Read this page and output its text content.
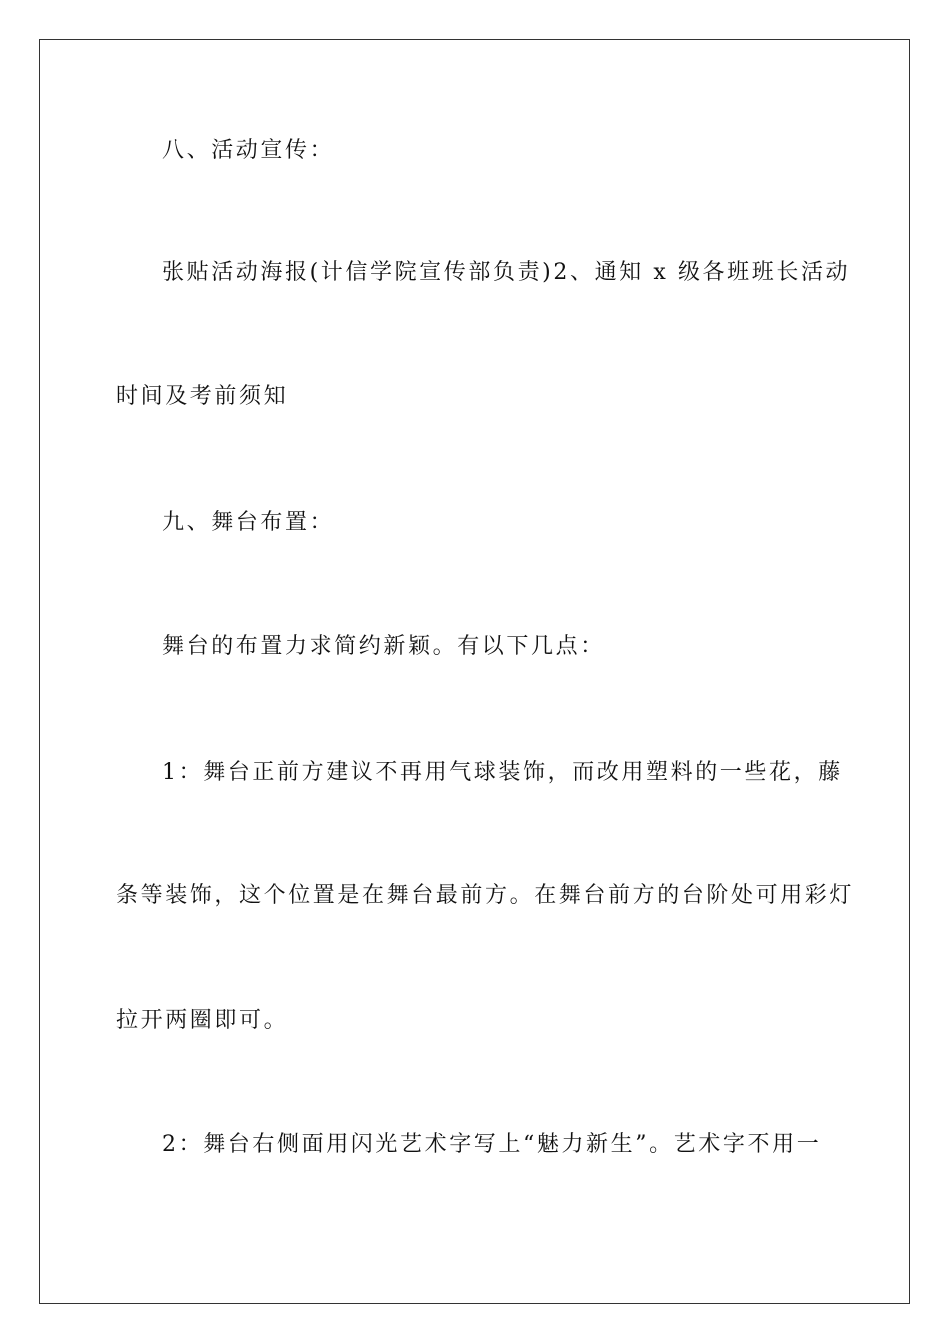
八、活动宣传：
张贴活动海报(计信学院宣传部负责)2、通知 x 级各班班长活动
时间及考前须知
九、舞台布置：
舞台的布置力求简约新颖。有以下几点：
1：舞台正前方建议不再用气球装饰，而改用塑料的一些花，藤
条等装饰，这个位置是在舞台最前方。在舞台前方的台阶处可用彩灯
拉开两圈即可。
2：舞台右侧面用闪光艺术字写上“魅力新生”。艺术字不用一
